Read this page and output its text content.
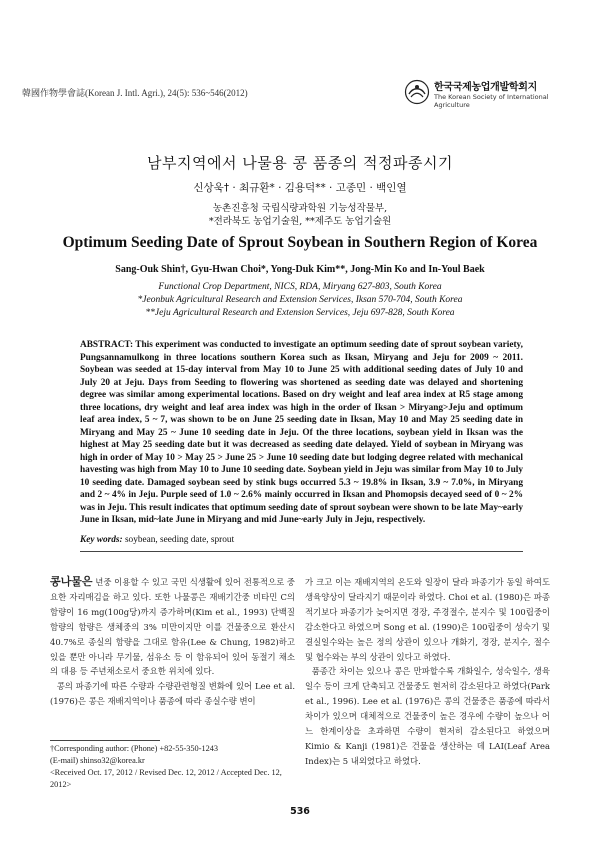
韓國作物學會誌(Korean J. Intl. Agri.), 24(5): 536~546(2012)	한국국제농업개발학회지
The Korean Society of International
Agriculture
남부지역에서 나물용 콩 품종의 적정파종시기
신상욱† · 최규환* · 김용덕** · 고종민 · 백인열
농촌진흥청 국립식량과학원 기능성작물부,
*전라북도 농업기술원, **제주도 농업기술원
Optimum Seeding Date of Sprout Soybean in Southern Region of Korea
Sang-Ouk Shin†, Gyu-Hwan Choi*, Yong-Duk Kim**, Jong-Min Ko and In-Youl Baek
Functional Crop Department, NICS, RDA, Miryang 627-803, South Korea
*Jeonbuk Agricultural Research and Extension Services, Iksan 570-704, South Korea
**Jeju Agricultural Research and Extension Services, Jeju 697-828, South Korea
ABSTRACT: This experiment was conducted to investigate an optimum seeding date of sprout soybean variety, Pungsannamulkong in three locations southern Korea such as Iksan, Miryang and Jeju for 2009 ~ 2011. Soybean was seeded at 15-day interval from May 10 to June 25 with additional seeding dates of July 10 and July 20 at Jeju. Days from Seeding to flowering was shortened as seeding date was delayed and shortening degree was similar among experimental locations. Based on dry weight and leaf area index at R5 stage among three locations, dry weight and leaf area index was high in the order of Iksan > Miryang>Jeju and optimum leaf area index, 5 ~ 7, was shown to be on June 25 seeding date in Iksan, May 10 and May 25 seeding date in Miryang and May 25 ~ June 10 seeding date in Jeju. Of the three locations, soybean yield in Iksan was the highest at May 25 seeding date but it was decreased as seeding date delayed. Yield of soybean in Miryang was high in order of May 10 > May 25 > June 25 > June 10 seeding date but lodging degree related with mechanical havesting was high from May 10 to June 10 seeding date. Soybean yield in Jeju was similar from May 10 to July 10 seeding date. Damaged soybean seed by stink bugs occurred 5.3 ~ 19.8% in Iksan, 3.9 ~ 7.0%, in Miryang and 2 ~ 4% in Jeju. Purple seed of 1.0 ~ 2.6% mainly occurred in Iksan and Phomopsis decayed seed of 0 ~ 2% was in Jeju. This result indicates that optimum seeding date of sprout soybean were shown to be late May~early June in Iksan, mid~late June in Miryang and mid June~early July in Jeju, respectively.
Key words: soybean, seeding date, sprout

콩나물은 년중 이용할 수 있고 국민 식생활에 있어 전통적으로 중요한 자리매김을 하고 있다. 또한 나물콩은 재배기간중 비타민 C의 함량이 16 mg(100g당)까지 증가하며(Kim et al., 1993) 단백질 함량의 함량은 생체중의 3% 미만이지만 이를 건물중으로 환산시 40.7%로 종실의 함량을 그대로 함유(Lee & Chung, 1982)하고 있을 뿐만 아니라 무기물, 섬유소 등 이 함유되어 있어 동절기 채소의 대용 등 주년채소로서 중요한 위치에 있다.

콩의 파종기에 따른 수량과 수량관련형질 변화에 있어 Lee et al. (1976)은 콩은 재배지역이나 품종에 따라 종실수량 변이

가 크고 이는 재배지역의 온도와 일장이 달라 파종기가 동일 하여도 생육양상이 달라지기 때문이라 하였다. Choi et al. (1980)은 파종적기보다 파종기가 늦어지면 경장, 주경절수, 분지수 및 100립중이 감소한다고 하였으며 Song et al. (1990)은 100립중이 성숙기 및 결실일수와는 높은 정의 상관이 있으나 개화기, 경장, 분지수, 절수 및 협수와는 부의 상관이 있다고 하였다.

품종간 차이는 있으나 콩은 만파할수록 개화일수, 성숙일수, 생육일수 등이 크게 단축되고 건물중도 현저히 감소된다고 하였다(Park et al., 1996). Lee et al. (1976)은 콩의 건물중은 품종에 따라서 차이가 있으며 대체적으로 건물중이 높은 경우에 수량이 높으나 어느 한계이상을 초과하면 수량이 현저히 감소된다고 하였으며 Kimio & Kanji (1981)은 건물을 생산하는 데 LAI(Leaf Area Index)는 5 내외였다고 하였다.

†Corresponding author: (Phone) +82-55-350-1243
(E-mail) shinso32@korea.kr
<Received Oct. 17, 2012 / Revised Dec. 12, 2012 / Accepted Dec. 12, 2012>
536
